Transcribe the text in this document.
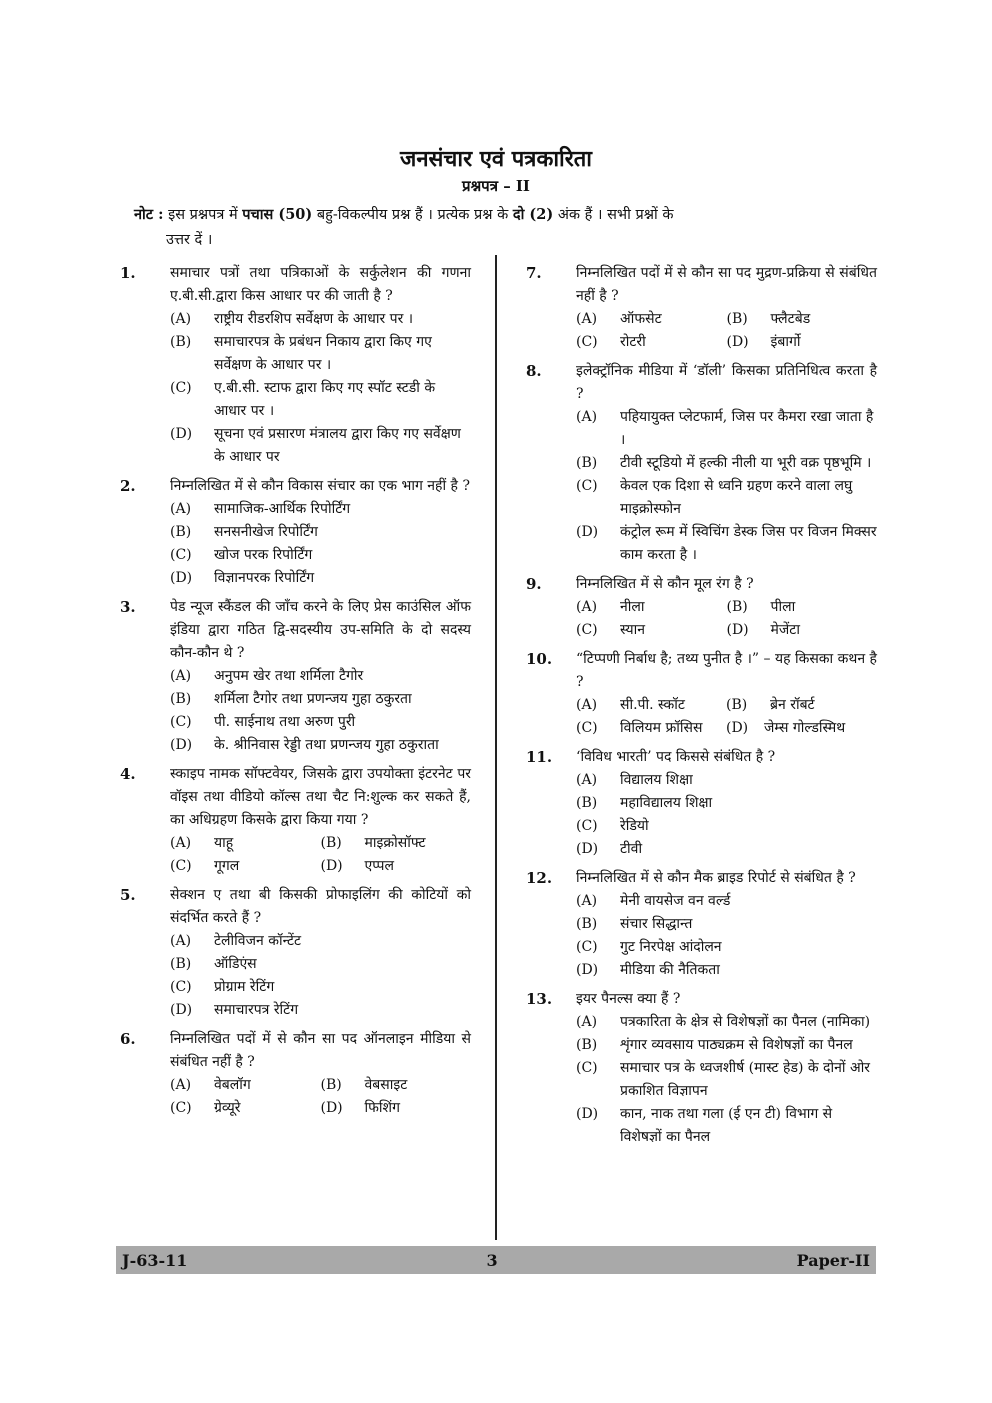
जनसंचार एवं पत्रकारिता
प्रश्नपत्र – II
नोट : इस प्रश्नपत्र में पचास (50) बहु-विकल्पीय प्रश्न हैं । प्रत्येक प्रश्न के दो (2) अंक हैं । सभी प्रश्नों के
उत्तर दें ।
1.	समाचार पत्रों तथा पत्रिकाओं के सर्कुलेशन की गणना ए.बी.सी.द्वारा किस आधार पर की जाती है ?
(A)	राष्ट्रीय रीडरशिप सर्वेक्षण के आधार पर ।
(B)	समाचारपत्र के प्रबंधन निकाय द्वारा किए गए सर्वेक्षण के आधार पर ।
(C)	ए.बी.सी. स्टाफ द्वारा किए गए स्पॉट स्टडी के आधार पर ।
(D)	सूचना एवं प्रसारण मंत्रालय द्वारा किए गए सर्वेक्षण के आधार पर
2.	निम्नलिखित में से कौन विकास संचार का एक भाग नहीं है ?
(A)	सामाजिक-आर्थिक रिपोर्टिंग
(B)	सनसनीखेज रिपोर्टिंग
(C)	खोज परक रिपोर्टिंग
(D)	विज्ञानपरक रिपोर्टिंग
3.	पेड न्यूज स्कैंडल की जाँच करने के लिए प्रेस काउंसिल ऑफ इंडिया द्वारा गठित द्वि-सदस्यीय उप-समिति के दो सदस्य कौन-कौन थे ?
(A)	अनुपम खेर तथा शर्मिला टैगोर
(B)	शर्मिला टैगोर तथा प्रणन्जय गुहा ठकुरता
(C)	पी. साईनाथ तथा अरुण पुरी
(D)	के. श्रीनिवास रेड्डी तथा प्रणन्जय गुहा ठकुराता
4.	स्काइप नामक सॉफ्टवेयर, जिसके द्वारा उपयोक्ता इंटरनेट पर वॉइस तथा वीडियो कॉल्स तथा चैट नि:शुल्क कर सकते हैं, का अधिग्रहण किसके द्वारा किया गया ?
(A)	याहू	(B)	माइक्रोसॉफ्ट
(C)	गूगल	(D)	एप्पल
5.	सेक्शन ए तथा बी किसकी प्रोफाइलिंग की कोटियों को संदर्भित करते हैं ?
(A)	टेलीविजन कॉन्टेंट
(B)	ऑडिएंस
(C)	प्रोग्राम रेटिंग
(D)	समाचारपत्र रेटिंग
6.	निम्नलिखित पदों में से कौन सा पद ऑनलाइन मीडिया से संबंधित नहीं है ?
(A)	वेबलॉग	(B)	वेबसाइट
(C)	ग्रेव्यूरे	(D)	फिशिंग
7.	निम्नलिखित पदों में से कौन सा पद मुद्रण-प्रक्रिया से संबंधित नहीं है ?
(A)	ऑफसेट	(B)	फ्लैटबेड
(C)	रोटरी	(D)	इंबार्गो
8.	इलेक्ट्रॉनिक मीडिया में ‘डॉली’ किसका प्रतिनिधित्व करता है ?
(A)	पहियायुक्त प्लेटफार्म, जिस पर कैमरा रखा जाता है ।
(B)	टीवी स्टूडियो में हल्की नीली या भूरी वक्र पृष्ठभूमि ।
(C)	केवल एक दिशा से ध्वनि ग्रहण करने वाला लघु माइक्रोस्फोन
(D)	कंट्रोल रूम में स्विचिंग डेस्क जिस पर विजन मिक्सर काम करता है ।
9.	निम्नलिखित में से कौन मूल रंग है ?
(A)	नीला	(B)	पीला
(C)	स्यान	(D)	मेजेंटा
10.	“टिप्पणी निर्बाध है; तथ्य पुनीत है ।” – यह किसका कथन है ?
(A)	सी.पी. स्कॉट	(B)	ब्रेन रॉबर्ट
(C)	विलियम फ्रॉसिस (D)	जेम्स गोल्डस्मिथ
11.	‘विविध भारती’ पद किससे संबंधित है ?
(A)	विद्यालय शिक्षा
(B)	महाविद्यालय शिक्षा
(C)	रेडियो
(D)	टीवी
12.	निम्नलिखित में से कौन मैक ब्राइड रिपोर्ट से संबंधित है ?
(A)	मेनी वायसेज वन वर्ल्ड
(B)	संचार सिद्धान्त
(C)	गुट निरपेक्ष आंदोलन
(D)	मीडिया की नैतिकता
13.	इयर पैनल्स क्या हैं ?
(A)	पत्रकारिता के क्षेत्र से विशेषज्ञों का पैनल (नामिका)
(B)	शृंगार व्यवसाय पाठ्यक्रम से विशेषज्ञों का पैनल
(C)	समाचार पत्र के ध्वजशीर्ष (मास्ट हेड) के दोनों ओर प्रकाशित विज्ञापन
(D)	कान, नाक तथा गला (ई एन टी) विभाग से विशेषज्ञों का पैनल
J-63-11	3	Paper-II
